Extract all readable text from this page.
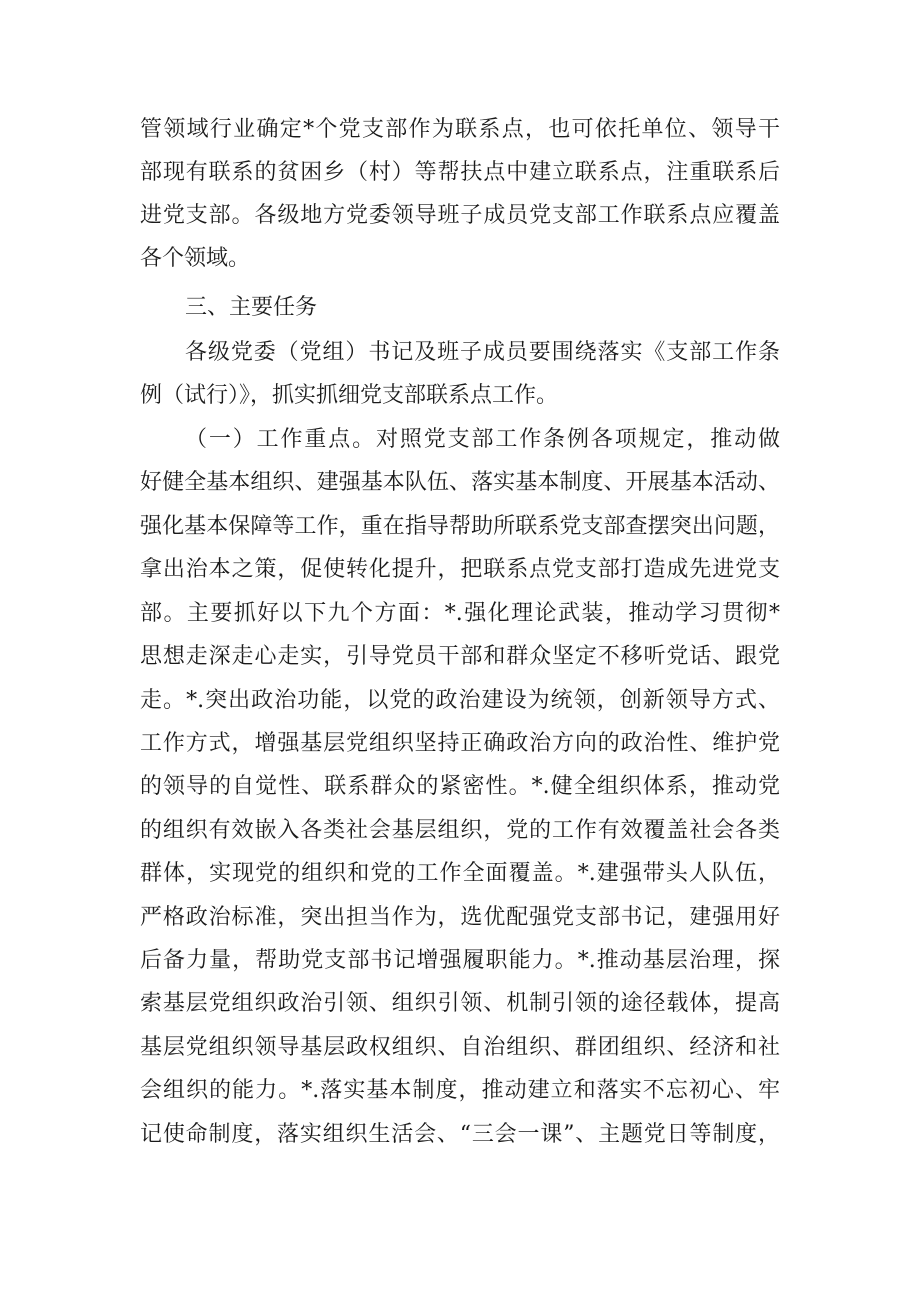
管领域行业确定*个党支部作为联系点，也可依托单位、领导干
部现有联系的贫困乡（村）等帮扶点中建立联系点，注重联系后
进党支部。各级地方党委领导班子成员党支部工作联系点应覆盖
各个领域。
三、主要任务
各级党委（党组）书记及班子成员要围绕落实《支部工作条
例（试行）》，抓实抓细党支部联系点工作。
（一）工作重点。对照党支部工作条例各项规定，推动做
好健全基本组织、建强基本队伍、落实基本制度、开展基本活动、
强化基本保障等工作，重在指导帮助所联系党支部查摆突出问题，
拿出治本之策，促使转化提升，把联系点党支部打造成先进党支
部。主要抓好以下九个方面：*.强化理论武装，推动学习贯彻*
思想走深走心走实，引导党员干部和群众坚定不移听党话、跟党
走。*.突出政治功能，以党的政治建设为统领，创新领导方式、
工作方式，增强基层党组织坚持正确政治方向的政治性、维护党
的领导的自觉性、联系群众的紧密性。*.健全组织体系，推动党
的组织有效嵌入各类社会基层组织，党的工作有效覆盖社会各类
群体，实现党的组织和党的工作全面覆盖。*.建强带头人队伍，
严格政治标准，突出担当作为，选优配强党支部书记，建强用好
后备力量，帮助党支部书记增强履职能力。*.推动基层治理，探
索基层党组织政治引领、组织引领、机制引领的途径载体，提高
基层党组织领导基层政权组织、自治组织、群团组织、经济和社
会组织的能力。*.落实基本制度，推动建立和落实不忘初心、牢
记使命制度，落实组织生活会、“三会一课”、主题党日等制度，
